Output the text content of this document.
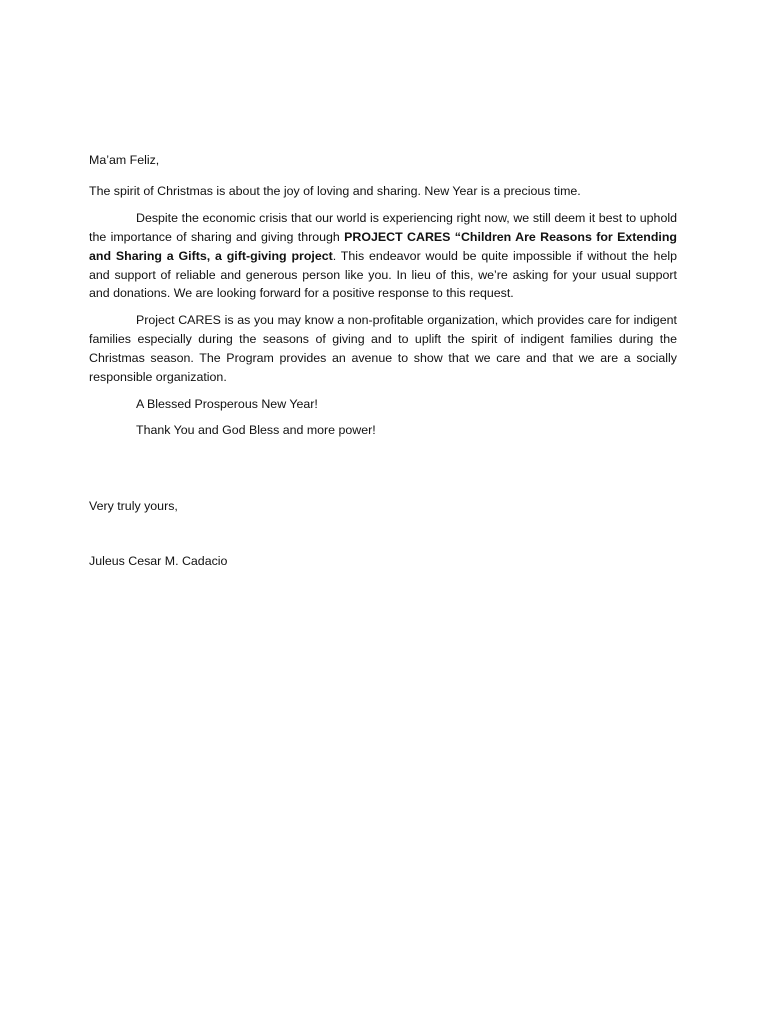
Ma’am Feliz,

The spirit of Christmas is about the joy of loving and sharing. New Year is a precious time.

Despite the economic crisis that our world is experiencing right now, we still deem it best to uphold the importance of sharing and giving through PROJECT CARES “Children Are Reasons for Extending and Sharing a Gifts, a gift-giving project. This endeavor would be quite impossible if without the help and support of reliable and generous person like you. In lieu of this, we’re asking for your usual support and donations. We are looking forward for a positive response to this request.

Project CARES is as you may know a non-profitable organization, which provides care for indigent families especially during the seasons of giving and to uplift the spirit of indigent families during the Christmas season. The Program provides an avenue to show that we care and that we are a socially responsible organization.

A Blessed Prosperous New Year!

Thank You and God Bless and more power!

Very truly yours,

Juleus Cesar M. Cadacio
